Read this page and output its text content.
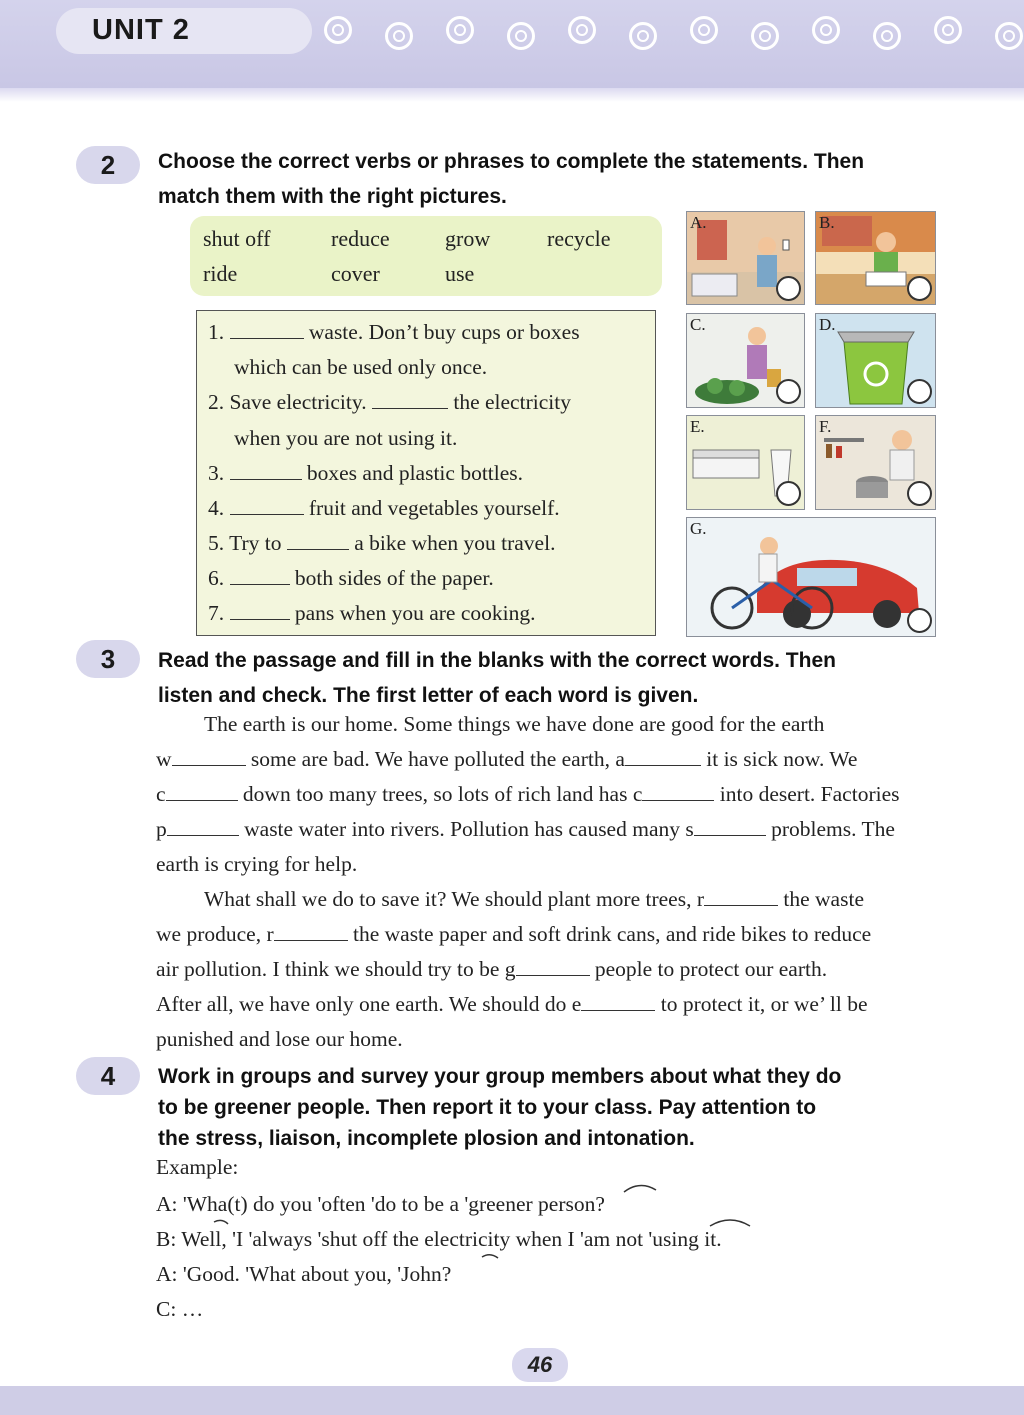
UNIT 2
2	Choose the correct verbs or phrases to complete the statements. Then
match them with the right pictures.
shut off	reduce	grow	recycle
ride	cover	use
1.	waste. Don’t buy cups or boxes
which can be used only once.
2. Save electricity.	the electricity
when you are not using it.
3.	boxes and plastic bottles.
4.	fruit and vegetables yourself.
5. Try to	a bike when you travel.
6.	both sides of the paper.
7.	pans when you are cooking.
A.	B.
C.	D.
E.	F.
G.
3	Read the passage and fill in the blanks with the correct words. Then
listen and check. The first letter of each word is given.
The earth is our home. Some things we have done are good for the earth
w	some are bad. We have polluted the earth, a	it is sick now. We
c	down too many trees, so lots of rich land has c	into desert. Factories
p	waste water into rivers. Pollution has caused many s	problems. The
earth is crying for help.
What shall we do to save it? We should plant more trees, r	the waste
we produce, r	the waste paper and soft drink cans, and ride bikes to reduce
air pollution. I think we should try to be g	people to protect our earth.
After all, we have only one earth. We should do e	to protect it, or we’ ll be
punished and lose our home.
4	Work in groups and survey your group members about what they do
to be greener people. Then report it to your class. Pay attention to
the stress, liaison, incomplete plosion and intonation.
Example:
A: 'Wha(t) do you 'often 'do to be a 'greener person?
B: Well, 'I 'always 'shut off the electricity when I 'am not 'using it.
A: 'Good. 'What about you, 'John?
C: …
46
